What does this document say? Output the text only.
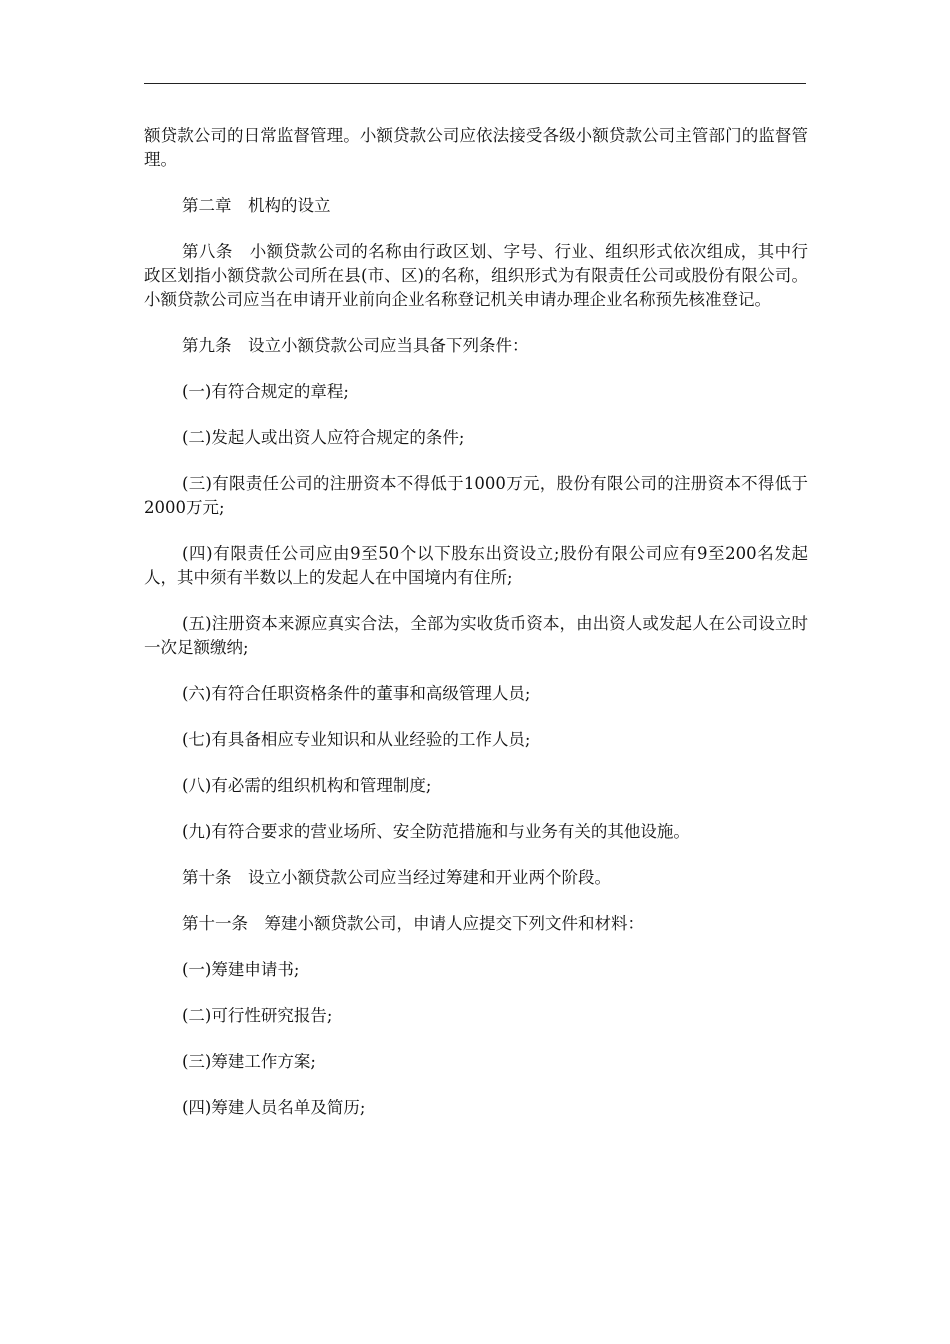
额贷款公司的日常监督管理。小额贷款公司应依法接受各级小额贷款公司主管部门的监督管理。

第二章　机构的设立

第八条　小额贷款公司的名称由行政区划、字号、行业、组织形式依次组成，其中行政区划指小额贷款公司所在县(市、区)的名称，组织形式为有限责任公司或股份有限公司。小额贷款公司应当在申请开业前向企业名称登记机关申请办理企业名称预先核准登记。

第九条　设立小额贷款公司应当具备下列条件：

(一)有符合规定的章程;

(二)发起人或出资人应符合规定的条件;

(三)有限责任公司的注册资本不得低于1000万元，股份有限公司的注册资本不得低于2000万元;

(四)有限责任公司应由9至50个以下股东出资设立;股份有限公司应有9至200名发起人，其中须有半数以上的发起人在中国境内有住所;

(五)注册资本来源应真实合法，全部为实收货币资本，由出资人或发起人在公司设立时一次足额缴纳;

(六)有符合任职资格条件的董事和高级管理人员;

(七)有具备相应专业知识和从业经验的工作人员;

(八)有必需的组织机构和管理制度;

(九)有符合要求的营业场所、安全防范措施和与业务有关的其他设施。

第十条　设立小额贷款公司应当经过筹建和开业两个阶段。

第十一条　筹建小额贷款公司，申请人应提交下列文件和材料：

(一)筹建申请书;

(二)可行性研究报告;

(三)筹建工作方案;

(四)筹建人员名单及简历;
